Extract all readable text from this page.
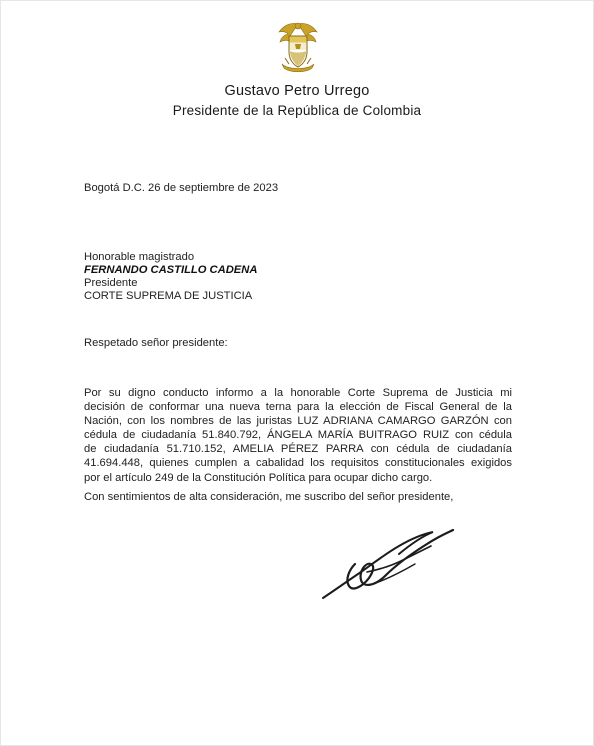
Gustavo Petro Urrego
Presidente de la República de Colombia
Bogotá D.C. 26 de septiembre de 2023
Honorable magistrado
FERNANDO CASTILLO CADENA
Presidente
CORTE SUPREMA DE JUSTICIA
Respetado señor presidente:
Por su digno conducto informo a la honorable Corte Suprema de Justicia mi
decisión de conformar una nueva terna para la elección de Fiscal General de la
Nación, con los nombres de las juristas LUZ ADRIANA CAMARGO GARZÓN con
cédula de ciudadanía 51.840.792, ÁNGELA MARÍA BUITRAGO RUIZ con cédula
de ciudadanía 51.710.152, AMELIA PÉREZ PARRA con cédula de ciudadanía
41.694.448, quienes cumplen a cabalidad los requisitos constitucionales exigidos
por el artículo 249 de la Constitución Política para ocupar dicho cargo.
Con sentimientos de alta consideración, me suscribo del señor presidente,
